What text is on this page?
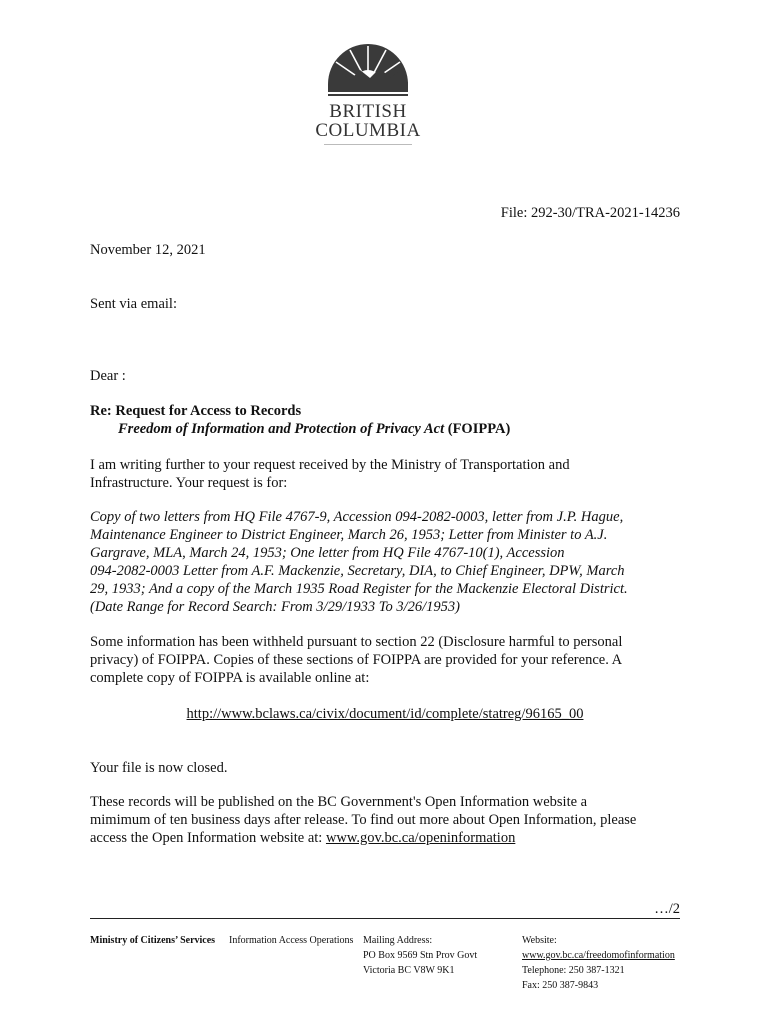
BRITISH
COLUMBIA
File: 292-30/TRA-2021-14236
November 12, 2021
Sent via email:
Dear :
Re: Request for Access to Records
Freedom of Information and Protection of Privacy Act (FOIPPA)
I am writing further to your request received by the Ministry of Transportation and
Infrastructure. Your request is for:
Copy of two letters from HQ File 4767-9, Accession 094-2082-0003, letter from J.P. Hague,
Maintenance Engineer to District Engineer, March 26, 1953; Letter from Minister to A.J.
Gargrave, MLA, March 24, 1953; One letter from HQ File 4767-10(1), Accession
094-2082-0003 Letter from A.F. Mackenzie, Secretary, DIA, to Chief Engineer, DPW, March
29, 1933; And a copy of the March 1935 Road Register for the Mackenzie Electoral District.
(Date Range for Record Search: From 3/29/1933 To 3/26/1953)
Some information has been withheld pursuant to section 22 (Disclosure harmful to personal
privacy) of FOIPPA. Copies of these sections of FOIPPA are provided for your reference. A
complete copy of FOIPPA is available online at:
http://www.bclaws.ca/civix/document/id/complete/statreg/96165_00
Your file is now closed.
These records will be published on the BC Government's Open Information website a
mimimum of ten business days after release. To find out more about Open Information, please
access the Open Information website at: www.gov.bc.ca/openinformation
…/2
Ministry of Citizens’ Services Information Access Operations Mailing Address:
PO Box 9569 Stn Prov Govt
Victoria BC V8W 9K1
Website:
www.gov.bc.ca/freedomofinformation
Telephone: 250 387-1321
Fax: 250 387-9843
